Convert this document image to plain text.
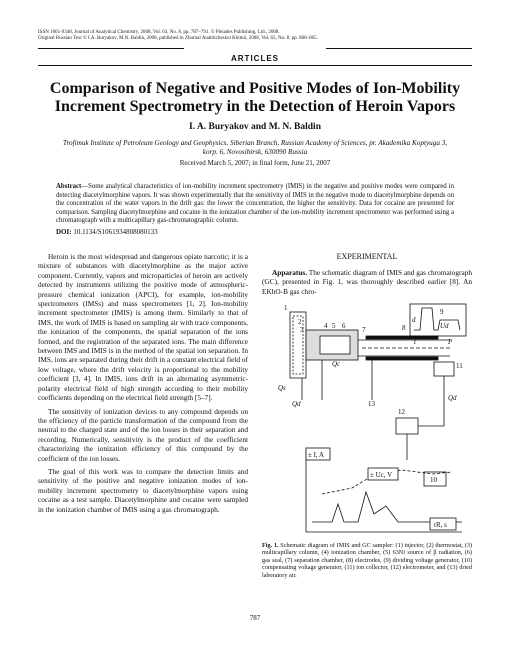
ISSN 1061-9348, Journal of Analytical Chemistry, 2008, Vol. 63, No. 8, pp. 787–791. © Pleiades Publishing, Ltd., 2008.
Original Russian Text © I.A. Buryakov, M.N. Baldin, 2008, published in Zhurnal Analiticheskoi Khimii, 2008, Vol. 63, No. 8, pp. 860–865.
ARTICLES
Comparison of Negative and Positive Modes of Ion-Mobility Increment Spectrometry in the Detection of Heroin Vapors
I. A. Buryakov and M. N. Baldin
Trofimuk Institute of Petroleum Geology and Geophysics, Siberian Branch, Russian Academy of Sciences, pr. Akademika Koptyuga 3, korp. 6, Novosibirsk, 630090 Russia
Received March 5, 2007; in final form, June 21, 2007
Abstract—Some analytical characteristics of ion-mobility increment spectrometry (IMIS) in the negative and positive modes were compared in detecting diacetylmorphine vapors. It was shown experimentally that the sensitivity of IMIS in the negative mode to diacetylmorphine depends on the concentration of the water vapors in the drift gas: the lower the concentration, the higher the sensitivity. Data for cocaine are presented for comparison. Sampling diacetylmorphine and cocaine in the ionization chamber of the ion-mobility increment spectrometer was performed using a chromatograph with a multicapillary gas-chromatographic column.
DOI: 10.1134/S1061934808080133

Heroin is the most widespread and dangerous opiate narcotic; it is a mixture of substances with diacetylmorphine as the major active component. Currently, vapors and microparticles of heroin are actively detected by instruments utilizing the positive mode of atmospheric-pressure chemical ionization (APCI), for example, ion-mobility spectrometers (IMSs) and mass spectrometers [1, 2]. Ion-mobility increment spectrometer (IMIS) is among them. Similarly to that of IMS, the work of IMIS is based on sampling air with trace components, the ionization of the components, the spatial separation of the ions formed, and the registration of the separated ions. The main difference between IMS and IMIS is in the method of the spatial ion separation. In IMS, ions are separated during their drift in a constant electrical field of low voltage, where the drift velocity is proportional to the mobility coefficient [3, 4]. In IMIS, ions drift in an alternating asymmetric-polarity electrical field of high strength according to their mobility coefficients depending on the electrical field strength [5–7].

The sensitivity of ionization devices to any compound depends on the efficiency of the particle transformation of the compound from the neutral to the charged state and of the ion losses in their separation and recording. Numerically, sensitivity is the product of the coefficient characterizing the ionization efficiency of this compound by the coefficient of the ion losses.

The goal of this work was to compare the detection limits and sensitivity of the positive and negative ionization modes of ion-mobility increment spectrometry to diacetylmorphine vapors using cocaine as a test sample. Diacetylmorphine and cocaine were sampled in the ionization chamber of IMIS using a gas chromatograph.

EXPERIMENTAL
Apparatus. The schematic diagram of IMIS and gas chromatograph (GC), presented in Fig. 1, was thoroughly described earlier [8]. An EKhO-B gas chro-
1
2
3	4 5 6 7	8
9
10
11
12
13
Qs
Qd
Qc
Qd
Ud
d
t	P
± I, A
± Uc, V
tR, s
Fig. 1. Schematic diagram of IMIS and GC sampler: (1) injector, (2) thermostat, (3) multicapillary column, (4) ionization chamber, (5) 63Ni source of β radiation, (6) gas seal, (7) separation chamber, (8) electrodes, (9) dividing voltage generator, (10) compensating voltage generator, (11) ion collector, (12) electrometer, and (13) dried laboratory air.
787
